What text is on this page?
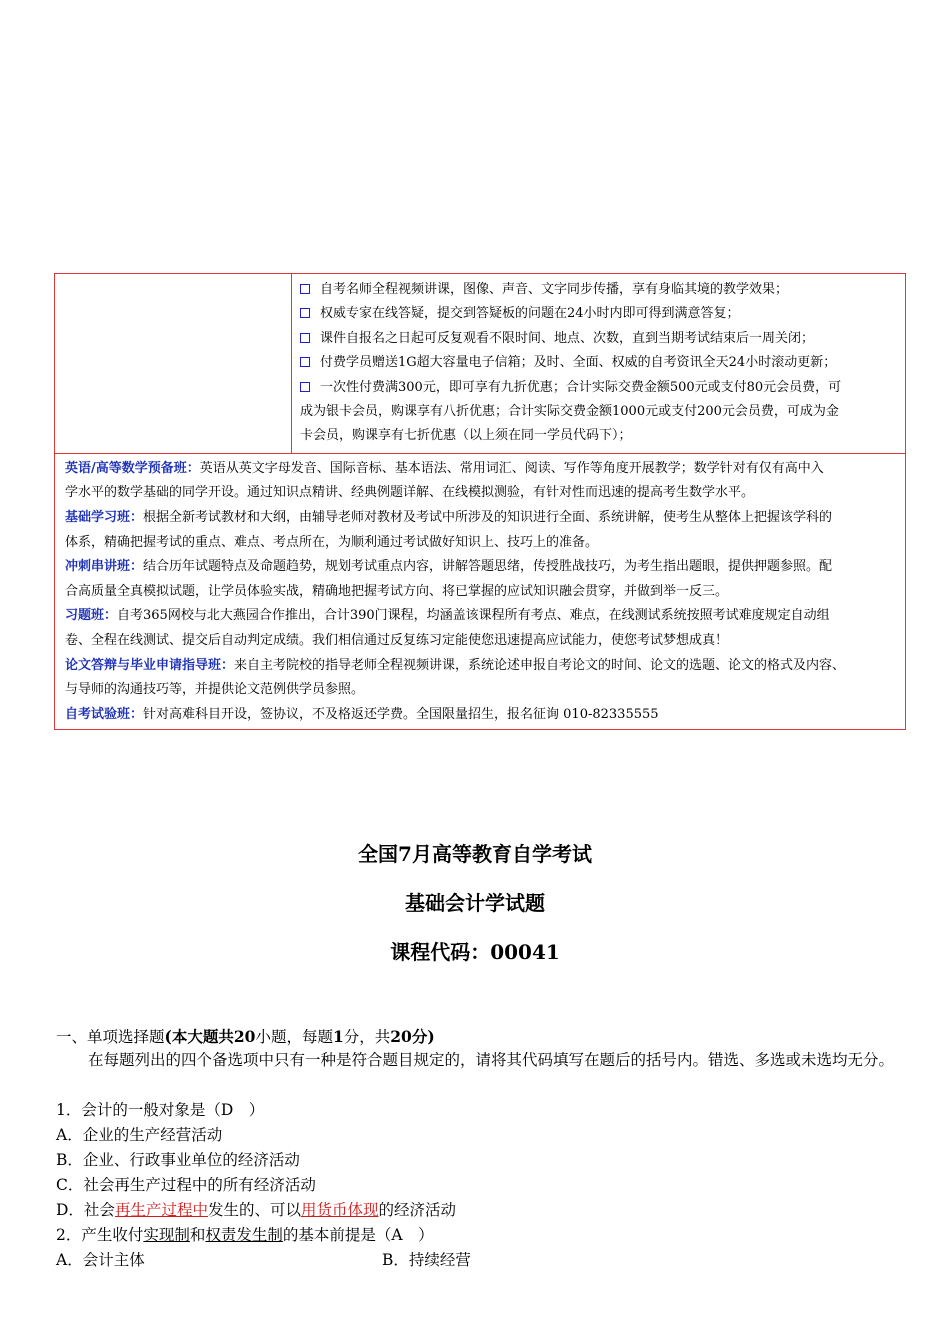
自考名师全程视频讲课，图像、声音、文字同步传播，享有身临其境的教学效果；
权威专家在线答疑，提交到答疑板的问题在24小时内即可得到满意答复；
课件自报名之日起可反复观看不限时间、地点、次数，直到当期考试结束后一周关闭；
付费学员赠送1G超大容量电子信箱；及时、全面、权威的自考资讯全天24小时滚动更新；
一次性付费满300元，即可享有九折优惠；合计实际交费金额500元或支付80元会员费，可
成为银卡会员，购课享有八折优惠；合计实际交费金额1000元或支付200元会员费，可成为金
卡会员，购课享有七折优惠（以上须在同一学员代码下）；

英语/高等数学预备班：英语从英文字母发音、国际音标、基本语法、常用词汇、阅读、写作等角度开展教学；数学针对有仅有高中入
学水平的数学基础的同学开设。通过知识点精讲、经典例题详解、在线模拟测验，有针对性而迅速的提高考生数学水平。
基础学习班：根据全新考试教材和大纲，由辅导老师对教材及考试中所涉及的知识进行全面、系统讲解，使考生从整体上把握该学科的
体系，精确把握考试的重点、难点、考点所在，为顺利通过考试做好知识上、技巧上的准备。
冲刺串讲班：结合历年试题特点及命题趋势，规划考试重点内容，讲解答题思绪，传授胜战技巧，为考生指出题眼，提供押题参照。配
合高质量全真模拟试题，让学员体验实战，精确地把握考试方向、将已掌握的应试知识融会贯穿，并做到举一反三。
习题班：自考365网校与北大燕园合作推出，合计390门课程，均涵盖该课程所有考点、难点，在线测试系统按照考试难度规定自动组
卷、全程在线测试、提交后自动判定成绩。我们相信通过反复练习定能使您迅速提高应试能力，使您考试梦想成真！
论文答辩与毕业申请指导班：来自主考院校的指导老师全程视频讲课，系统论述申报自考论文的时间、论文的选题、论文的格式及内容、
与导师的沟通技巧等，并提供论文范例供学员参照。
自考试验班：针对高难科目开设，签协议，不及格返还学费。全国限量招生，报名征询 010-82335555
全国7月高等教育自学考试
基础会计学试题
课程代码：00041
一、单项选择题(本大题共20小题，每题1分，共20分)
在每题列出的四个备选项中只有一种是符合题目规定的，请将其代码填写在题后的括号内。错选、多选或未选均无分。
1．会计的一般对象是（D　）
A．企业的生产经营活动
B．企业、行政事业单位的经济活动
C．社会再生产过程中的所有经济活动
D．社会再生产过程中发生的、可以用货币体现的经济活动
2．产生收付实现制和权责发生制的基本前提是（A　）
A．会计主体	B．持续经营
